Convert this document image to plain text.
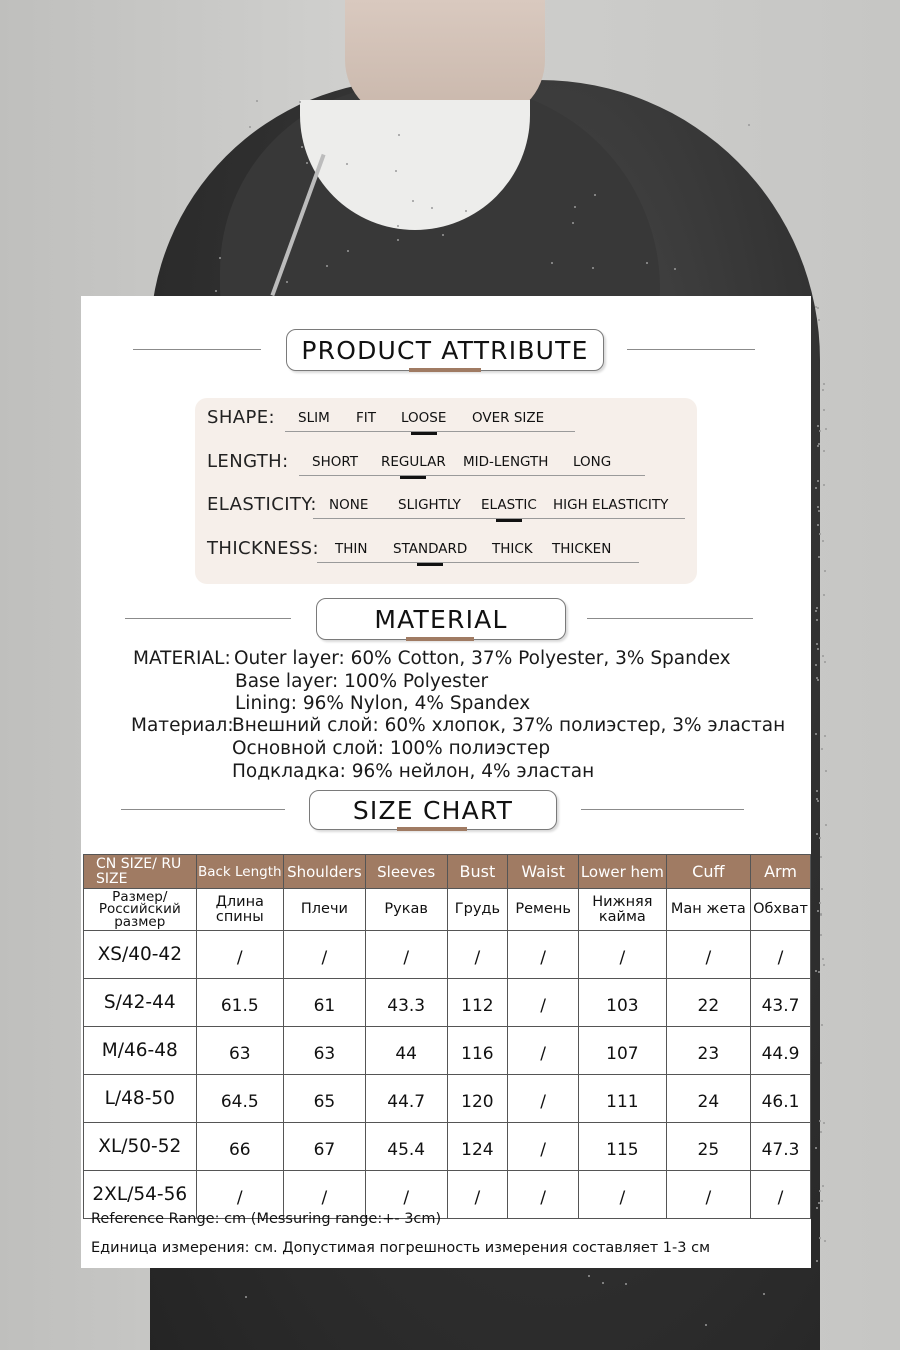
PRODUCT ATTRIBUTE
SHAPE: SLIM FIT LOOSE OVER SIZE
LENGTH: SHORT REGULAR MID-LENGTH LONG
ELASTICITY: NONE SLIGHTLY ELASTIC HIGH ELASTICITY
THICKNESS: THIN STANDARD THICK THICKEN
MATERIAL
MATERIAL: Outer layer: 60% Cotton, 37% Polyester, 3% Spandex
Base layer: 100% Polyester
Lining: 96% Nylon, 4% Spandex
Материал:
Внешний слой: 60% хлопок, 37% полиэстер, 3% эластан
Основной слой: 100% полиэстер
Подкладка: 96% нейлон, 4% эластан
SIZE CHART
CN SIZE/ RU SIZE	Back Length	Shoulders	Sleeves	Bust	Waist	Lower hem	Cuff	Arm
Размер/ Российский размер	Длина спины	Плечи	Рукав	Грудь	Ремень	Нижняя кайма	Ман жета	Обхват
XS/40-42	/	/	/	/	/	/	/	/
S/42-44	61.5	61	43.3	112	/	103	22	43.7
M/46-48	63	63	44	116	/	107	23	44.9
L/48-50	64.5	65	44.7	120	/	111	24	46.1
XL/50-52	66	67	45.4	124	/	115	25	47.3
2XL/54-56	/	/	/	/	/	/	/	/
Reference Range: cm (Messuring range:+- 3cm)
Единица измерения: см. Допустимая погрешность измерения составляет 1-3 см
